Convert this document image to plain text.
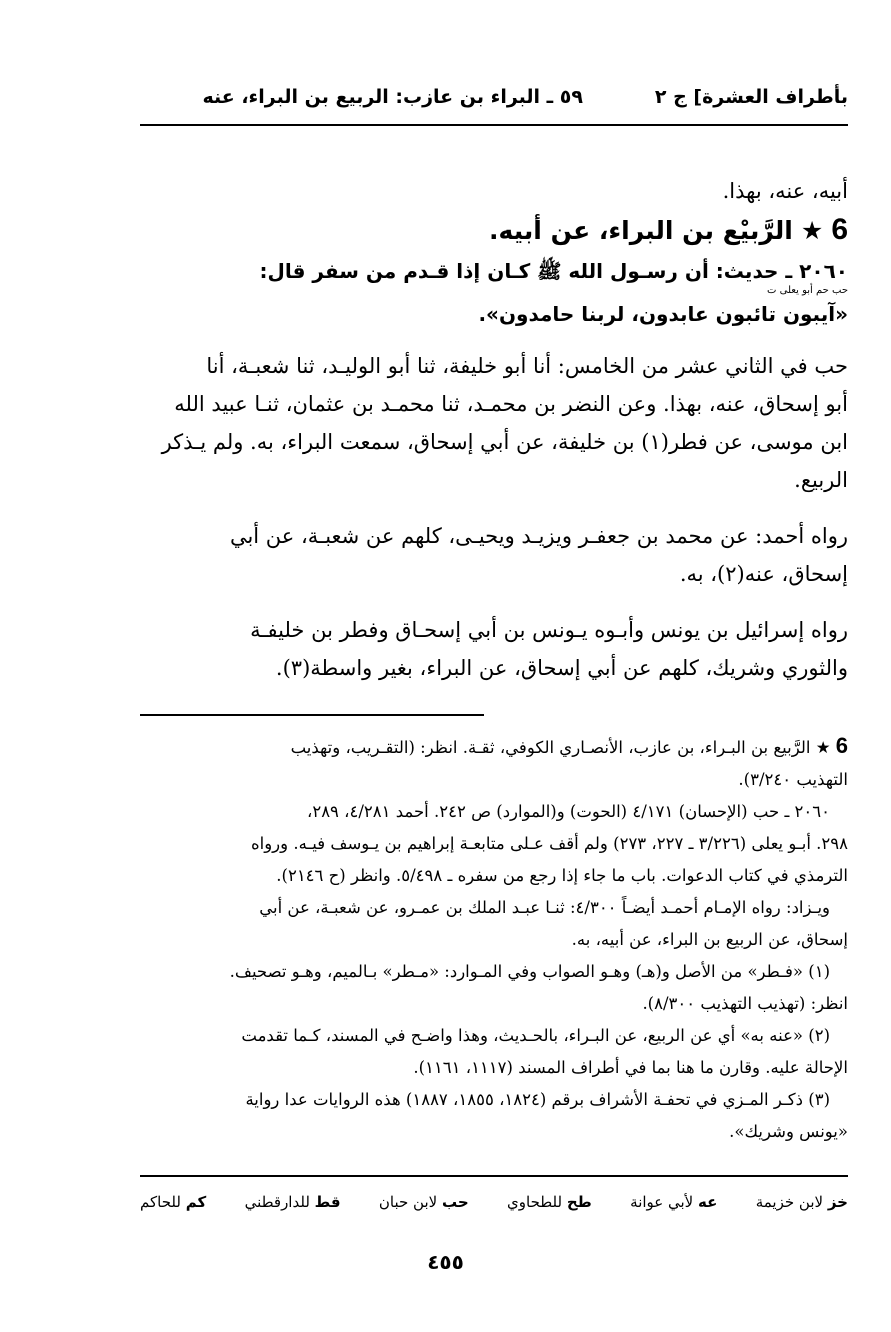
بأطراف العشرة] ج ٢
٥٩ ـ البراء بن عازب: الربيع بن البراء، عنه

أبيه، عنه، بهذا.

6★الرَّبيْع بن البراء، عن أبيه.

٢٠٦٠ ـ حديث: أن رسـول الله ﷺ كـان إذا قـدم من سفر قال:

حب حم أبو يعلى ت

«آيبون تائبون عابدون، لربنا حامدون».

حب في الثاني عشر من الخامس: أنا أبو خليفة، ثنا أبو الوليـد، ثنا شعبـة، أنا

أبو إسحاق، عنه، بهذا. وعن النضر بن محمـد، ثنا محمـد بن عثمان، ثنـا عبيد الله

ابن موسى، عن فطر(١) بن خليفة، عن أبي إسحاق، سمعت البراء، به. ولم يـذكر

الربيع.

رواه أحمد: عن محمد بن جعفـر ويزيـد ويحيـى، كلهم عن شعبـة، عن أبي

إسحاق، عنه(٢)، به.

رواه إسرائيل بن يونس وأبـوه يـونس بن أبي إسحـاق وفطر بن خليفـة

والثوري وشريك، كلهم عن أبي إسحاق، عن البراء، بغير واسطة(٣).

6 ★ الرَّبيع بن البـراء، بن عازب، الأنصـاري الكوفي، ثقـة. انظر: (التقـريب، وتهذيب

التهذيب ٣/٢٤٠).

٢٠٦٠ ـ حب (الإحسان) ٤/١٧١ (الحوت) و(الموارد) ص ٢٤٢. أحمد ٤/٢٨١، ٢٨٩،

٢٩٨. أبـو يعلى (٣/٢٢٦ ـ ٢٢٧، ٢٧٣) ولم أقف عـلى متابعـة إبراهيم بن يـوسف فيـه. ورواه

الترمذي في كتاب الدعوات. باب ما جاء إذا رجع من سفره ـ ٥/٤٩٨. وانظر (ح ٢١٤٦).

ويـزاد: رواه الإمـام أحمـد أيضـاً ٤/٣٠٠: ثنـا عبـد الملك بن عمـرو، عن شعبـة، عن أبي

إسحاق، عن الربيع بن البراء، عن أبيه، به.

(١) «فـطر» من الأصل و(هـ) وهـو الصواب وفي المـوارد: «مـطر» بـالميم، وهـو تصحيف.

انظر: (تهذيب التهذيب ٨/٣٠٠).

(٢) «عنه به» أي عن الربيع، عن البـراء، بالحـديث، وهذا واضـح في المسند، كـما تقدمت

الإحالة عليه. وقارن ما هنا بما في أطراف المسند (١١١٧، ١١٦١).

(٣) ذكـر المـزي في تحفـة الأشراف برقم (١٨٢٤، ١٨٥٥، ١٨٨٧) هذه الروايات عدا رواية

«يونس وشريك».

خز لابن خزيمة
عه لأبي عوانة
طح للطحاوي
حب لابن حبان
قط للدارقطني
كم للحاكم
٤٥٥
